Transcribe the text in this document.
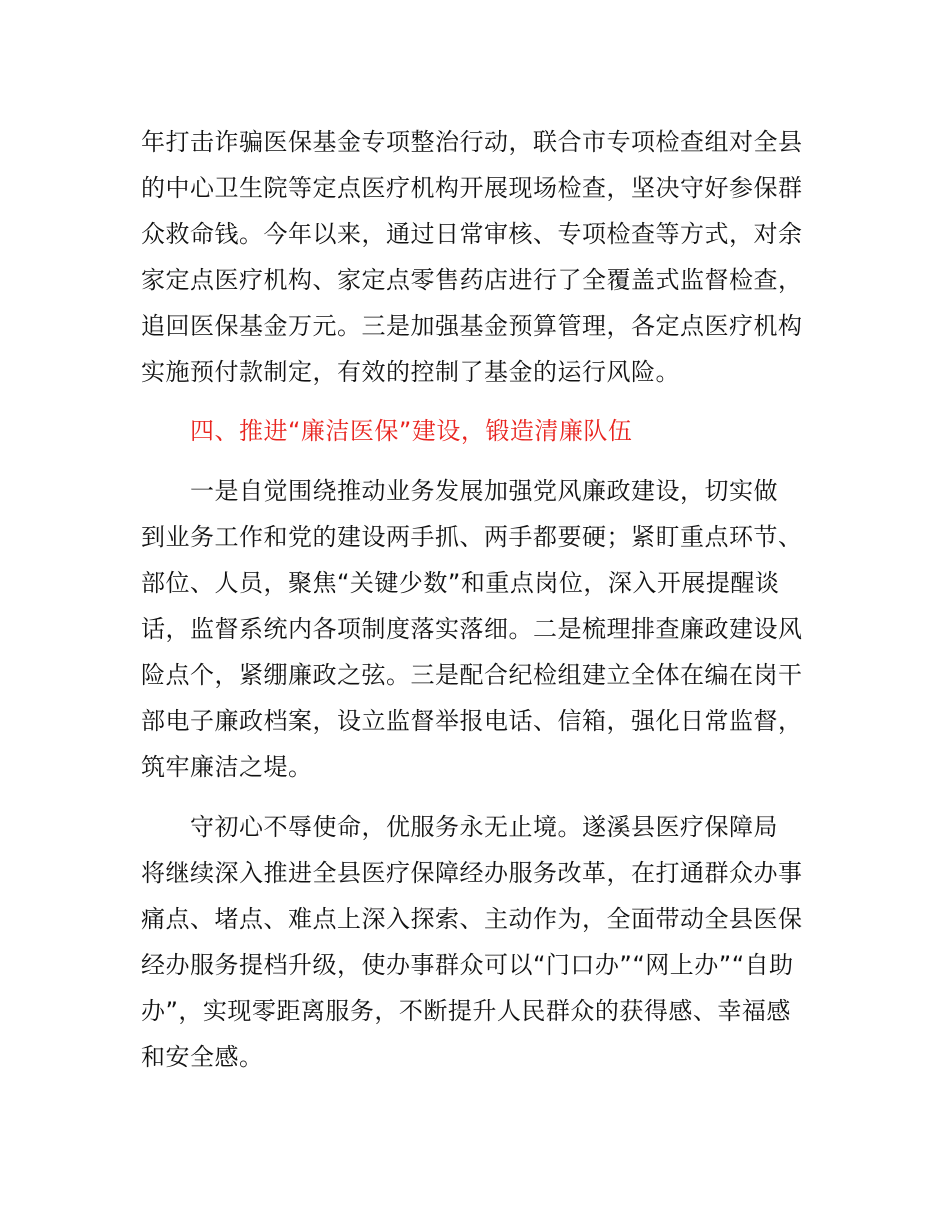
年打击诈骗医保基金专项整治行动，联合市专项检查组对全县
的中心卫生院等定点医疗机构开展现场检查，坚决守好参保群
众救命钱。今年以来，通过日常审核、专项检查等方式，对余
家定点医疗机构、家定点零售药店进行了全覆盖式监督检查，
追回医保基金万元。三是加强基金预算管理，各定点医疗机构
实施预付款制定，有效的控制了基金的运行风险。
四、推进“廉洁医保”建设，锻造清廉队伍
一是自觉围绕推动业务发展加强党风廉政建设，切实做
到业务工作和党的建设两手抓、两手都要硬；紧盯重点环节、
部位、人员，聚焦“关键少数”和重点岗位，深入开展提醒谈
话，监督系统内各项制度落实落细。二是梳理排查廉政建设风
险点个，紧绷廉政之弦。三是配合纪检组建立全体在编在岗干
部电子廉政档案，设立监督举报电话、信箱，强化日常监督，
筑牢廉洁之堤。
守初心不辱使命，优服务永无止境。遂溪县医疗保障局
将继续深入推进全县医疗保障经办服务改革，在打通群众办事
痛点、堵点、难点上深入探索、主动作为，全面带动全县医保
经办服务提档升级，使办事群众可以“门口办”“网上办”“自助
办”，实现零距离服务，不断提升人民群众的获得感、幸福感
和安全感。
